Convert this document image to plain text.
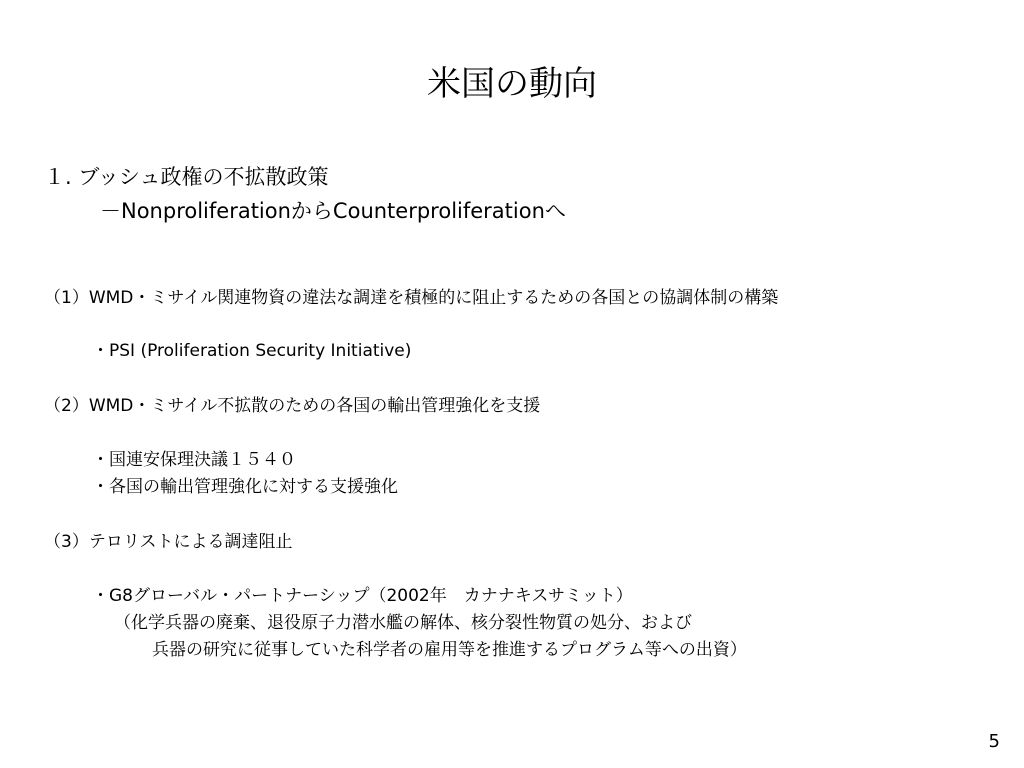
米国の動向
１. ブッシュ政権の不拡散政策
－NonproliferationからCounterproliferationへ
（1）WMD・ミサイル関連物資の違法な調達を積極的に阻止するための各国との協調体制の構築
・PSI (Proliferation Security Initiative)
（2）WMD・ミサイル不拡散のための各国の輸出管理強化を支援
・国連安保理決議１５４０
・各国の輸出管理強化に対する支援強化
（3）テロリストによる調達阻止
・G8グローバル・パートナーシップ（2002年　カナナキスサミット）
（化学兵器の廃棄、退役原子力潜水艦の解体、核分裂性物質の処分、および
兵器の研究に従事していた科学者の雇用等を推進するプログラム等への出資）
5
